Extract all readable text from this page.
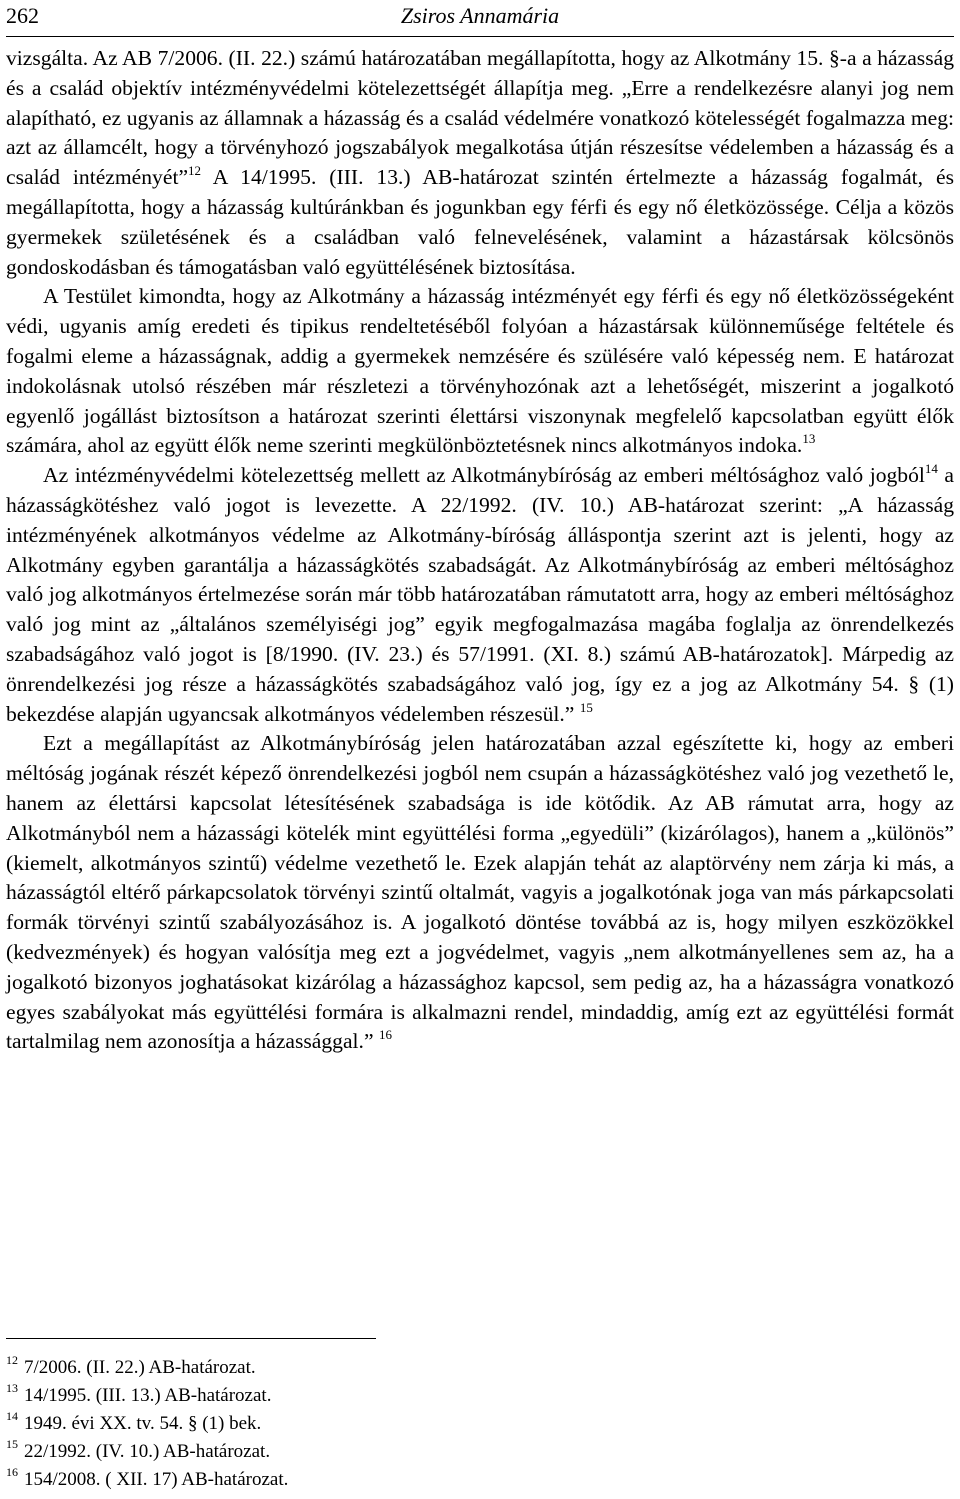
262	Zsiros Annamária

vizsgálta. Az AB 7/2006. (II. 22.) számú határozatában megállapította, hogy az Alkotmány 15. §-a a házasság és a család objektív intézményvédelmi kötelezettségét állapítja meg. „Erre a rendelkezésre alanyi jog nem alapítható, ez ugyanis az államnak a házasság és a család védelmére vonatkozó kötelességét fogalmazza meg: azt az államcélt, hogy a törvényhozó jogszabályok megalkotása útján részesítse védelemben a házasság és a család intézményét”$^{12}$ A 14/1995. (III. 13.) AB-határozat szintén értelmezte a házasság fogalmát, és megállapította, hogy a házasság kultúránkban és jogunkban egy férfi és egy nő életközössége. Célja a közös gyermekek születésének és a családban való felnevelésének, valamint a házastársak kölcsönös gondoskodásban és támogatásban való együttélésének biztosítása.

A Testület kimondta, hogy az Alkotmány a házasság intézményét egy férfi és egy nő életközösségeként védi, ugyanis amíg eredeti és tipikus rendeltetéséből folyóan a házastársak különneműsége feltétele és fogalmi eleme a házasságnak, addig a gyermekek nemzésére és szülésére való képesség nem. E határozat indokolásnak utolsó részében már részletezi a törvényhozónak azt a lehetőségét, miszerint a jogalkotó egyenlő jogállást biztosítson a határozat szerinti élettársi viszonynak megfelelő kapcsolatban együtt élők számára, ahol az együtt élők neme szerinti megkülönböztetésnek nincs alkotmányos indoka.$^{13}$

Az intézményvédelmi kötelezettség mellett az Alkotmánybíróság az emberi méltósághoz való jogból$^{14}$ a házasságkötéshez való jogot is levezette. A 22/1992. (IV. 10.) AB-határozat szerint: „A házasság intézményének alkotmányos védelme az Alkotmány-bíróság álláspontja szerint azt is jelenti, hogy az Alkotmány egyben garantálja a házasságkötés szabadságát. Az Alkotmánybíróság az emberi méltósághoz való jog alkotmányos értelmezése során már több határozatában rámutatott arra, hogy az emberi méltósághoz való jog mint az „általános személyiségi jog” egyik megfogalmazása magába foglalja az önrendelkezés szabadságához való jogot is [8/1990. (IV. 23.) és 57/1991. (XI. 8.) számú AB-határozatok]. Márpedig az önrendelkezési jog része a házasságkötés szabadságához való jog, így ez a jog az Alkotmány 54. § (1) bekezdése alapján ugyancsak alkotmányos védelemben részesül.” $^{15}$

Ezt a megállapítást az Alkotmánybíróság jelen határozatában azzal egészítette ki, hogy az emberi méltóság jogának részét képező önrendelkezési jogból nem csupán a házasságkötéshez való jog vezethető le, hanem az élettársi kapcsolat létesítésének szabadsága is ide kötődik. Az AB rámutat arra, hogy az Alkotmányból nem a házassági kötelék mint együttélési forma „egyedüli” (kizárólagos), hanem a „különös” (kiemelt, alkotmányos szintű) védelme vezethető le. Ezek alapján tehát az alaptörvény nem zárja ki más, a házasságtól eltérő párkapcsolatok törvényi szintű oltalmát, vagyis a jogalkotónak joga van más párkapcsolati formák törvényi szintű szabályozásához is. A jogalkotó döntése továbbá az is, hogy milyen eszközökkel (kedvezmények) és hogyan valósítja meg ezt a jogvédelmet, vagyis „nem alkotmányellenes sem az, ha a jogalkotó bizonyos joghatásokat kizárólag a házassághoz kapcsol, sem pedig az, ha a házasságra vonatkozó egyes szabályokat más együttélési formára is alkalmazni rendel, mindaddig, amíg ezt az együttélési formát tartalmilag nem azonosítja a házassággal.” $^{16}$

$^{12}$ 7/2006. (II. 22.) AB-határozat.

$^{13}$ 14/1995. (III. 13.) AB-határozat.

$^{14}$ 1949. évi XX. tv. 54. § (1) bek.

$^{15}$ 22/1992. (IV. 10.) AB-határozat.

$^{16}$ 154/2008. ( XII. 17) AB-határozat.
